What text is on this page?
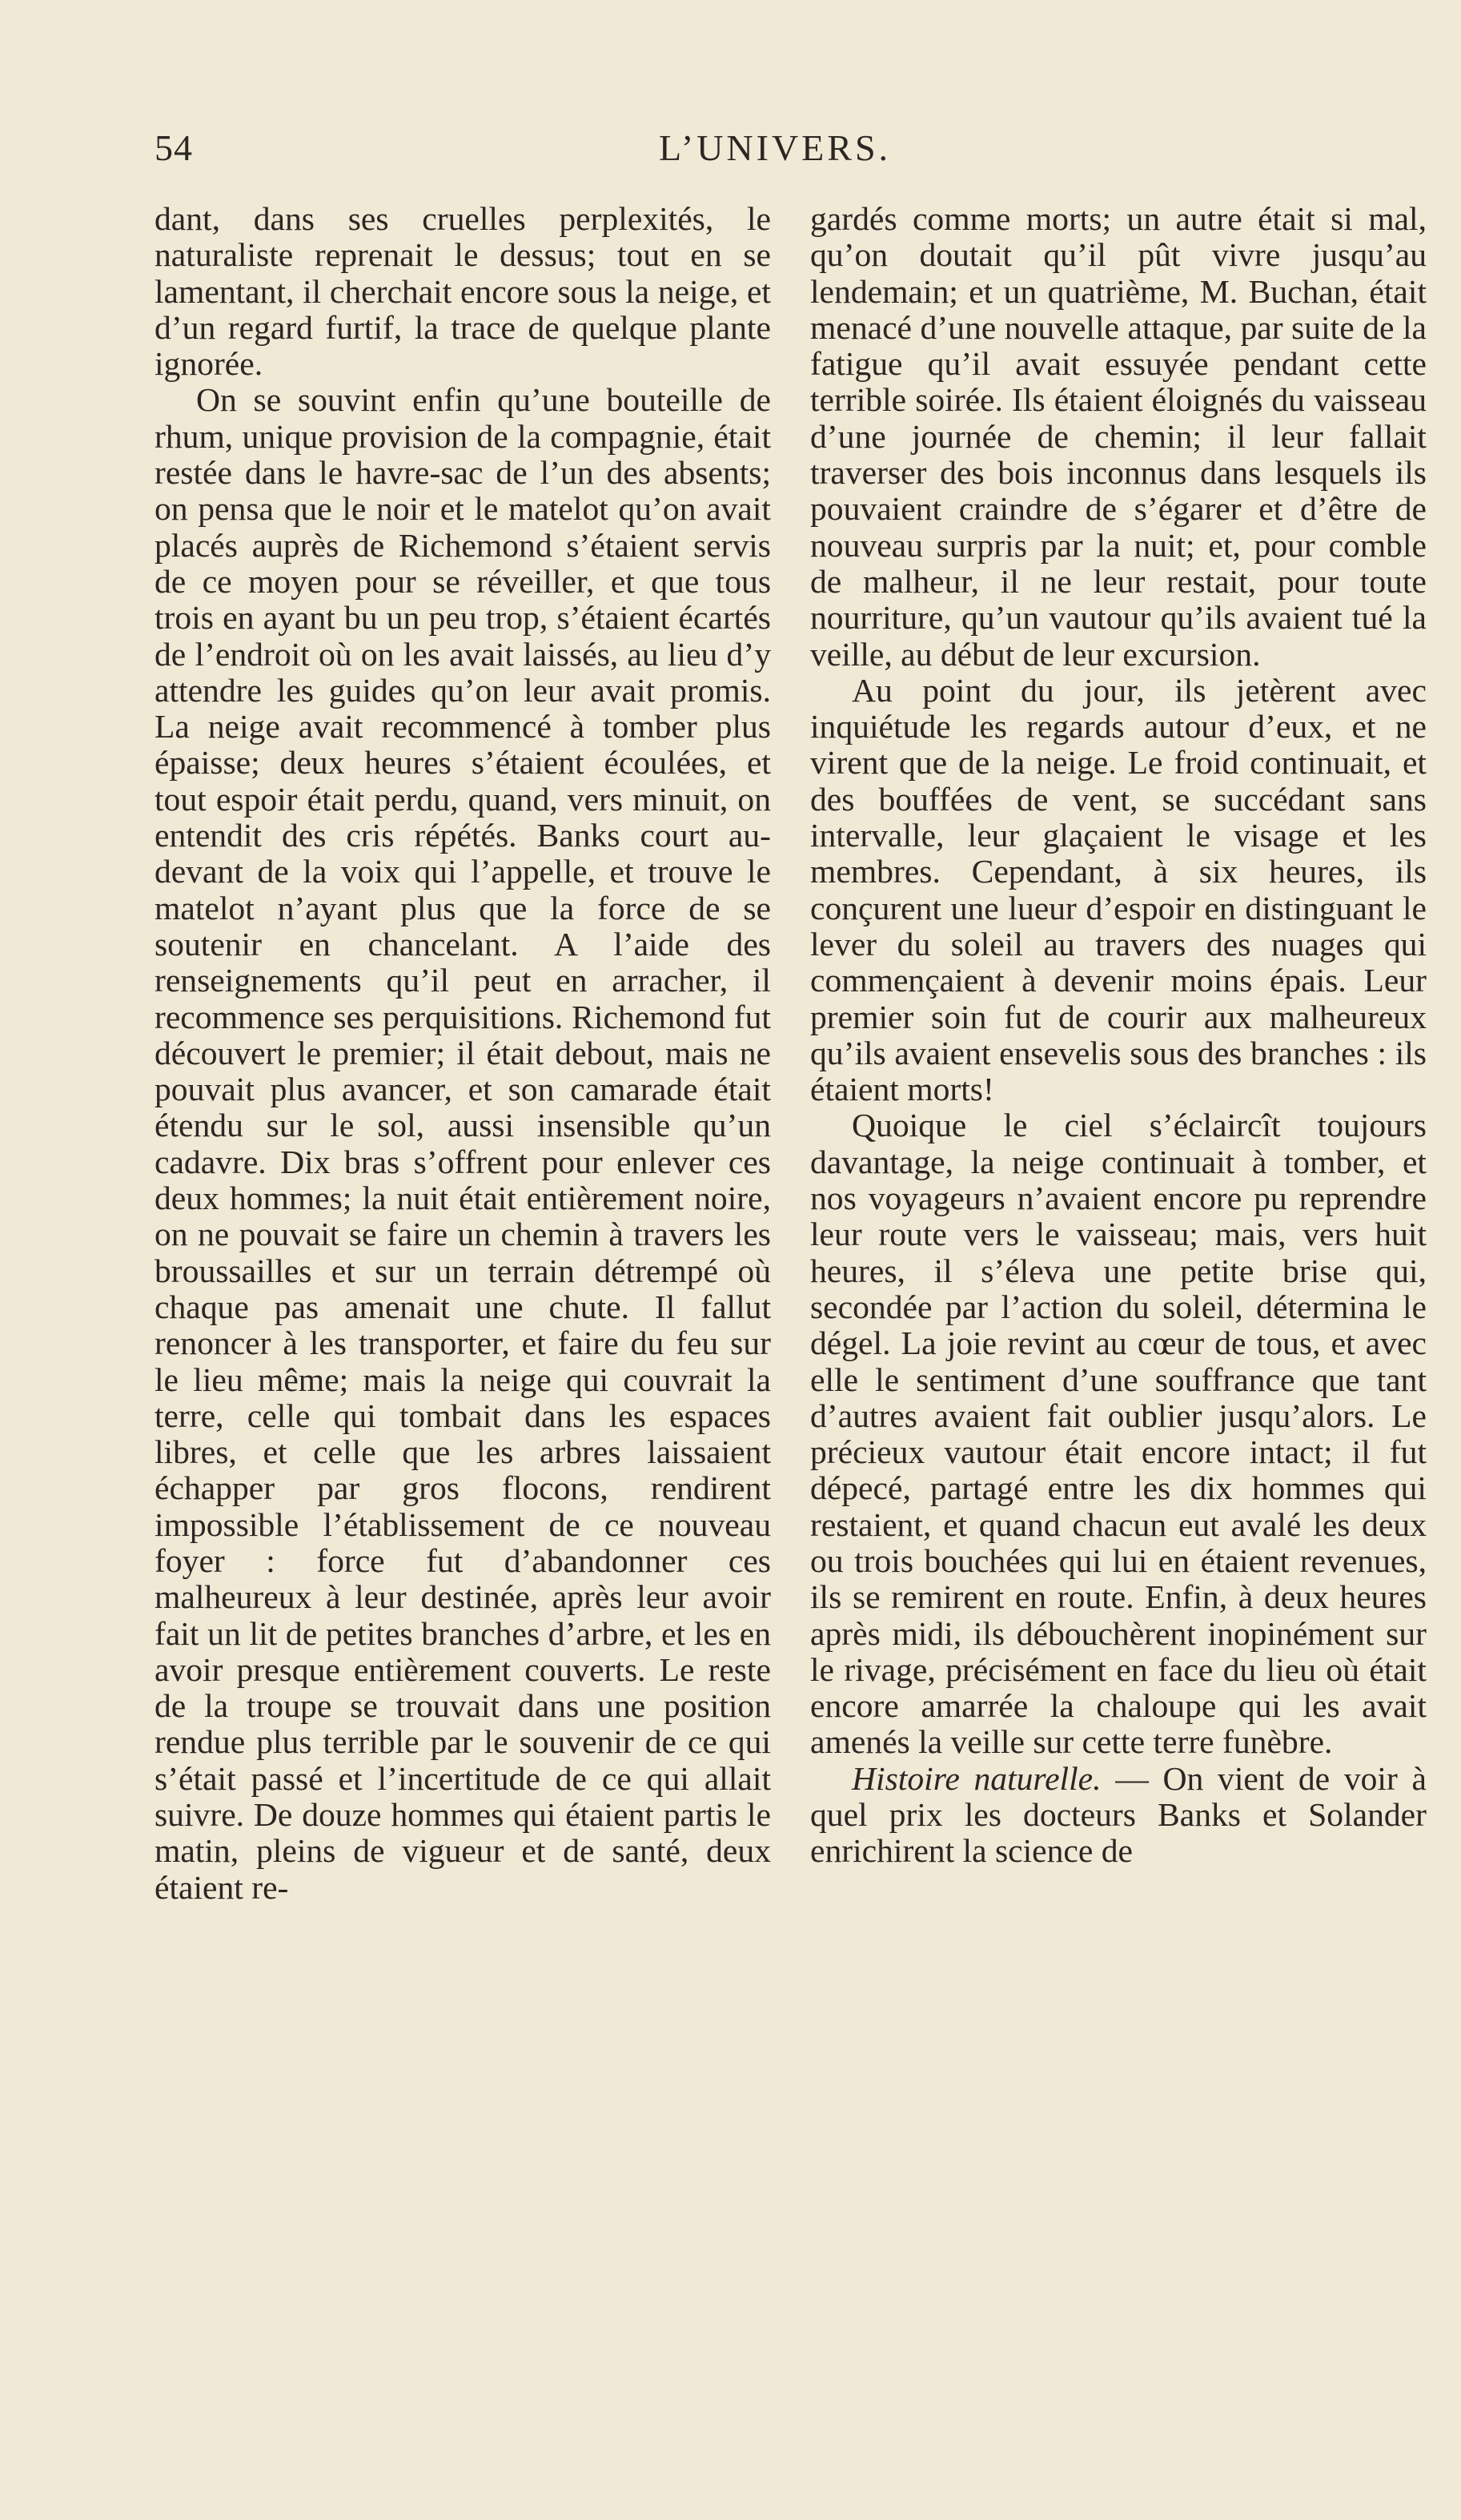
54	L’UNIVERS.

dant, dans ses cruelles perplexités, le naturaliste reprenait le dessus; tout en se lamentant, il cherchait encore sous la neige, et d’un regard furtif, la trace de quelque plante ignorée.

On se souvint enfin qu’une bouteille de rhum, unique provision de la compagnie, était restée dans le havre-sac de l’un des absents; on pensa que le noir et le matelot qu’on avait placés auprès de Richemond s’étaient servis de ce moyen pour se réveiller, et que tous trois en ayant bu un peu trop, s’étaient écartés de l’endroit où on les avait laissés, au lieu d’y attendre les guides qu’on leur avait promis. La neige avait recommencé à tomber plus épaisse; deux heures s’étaient écoulées, et tout espoir était perdu, quand, vers minuit, on entendit des cris répétés. Banks court au-devant de la voix qui l’appelle, et trouve le matelot n’ayant plus que la force de se soutenir en chancelant. A l’aide des renseignements qu’il peut en arracher, il recommence ses perquisitions. Richemond fut découvert le premier; il était debout, mais ne pouvait plus avancer, et son camarade était étendu sur le sol, aussi insensible qu’un cadavre. Dix bras s’offrent pour enlever ces deux hommes; la nuit était entièrement noire, on ne pouvait se faire un chemin à travers les broussailles et sur un terrain détrempé où chaque pas amenait une chute. Il fallut renoncer à les transporter, et faire du feu sur le lieu même; mais la neige qui couvrait la terre, celle qui tombait dans les espaces libres, et celle que les arbres laissaient échapper par gros flocons, rendirent impossible l’établissement de ce nouveau foyer : force fut d’abandonner ces malheureux à leur destinée, après leur avoir fait un lit de petites branches d’arbre, et les en avoir presque entièrement couverts. Le reste de la troupe se trouvait dans une position rendue plus terrible par le souvenir de ce qui s’était passé et l’incertitude de ce qui allait suivre. De douze hommes qui étaient partis le matin, pleins de vigueur et de santé, deux étaient re-

gardés comme morts; un autre était si mal, qu’on doutait qu’il pût vivre jusqu’au lendemain; et un quatrième, M. Buchan, était menacé d’une nouvelle attaque, par suite de la fatigue qu’il avait essuyée pendant cette terrible soirée. Ils étaient éloignés du vaisseau d’une journée de chemin; il leur fallait traverser des bois inconnus dans lesquels ils pouvaient craindre de s’égarer et d’être de nouveau surpris par la nuit; et, pour comble de malheur, il ne leur restait, pour toute nourriture, qu’un vautour qu’ils avaient tué la veille, au début de leur excursion.

Au point du jour, ils jetèrent avec inquiétude les regards autour d’eux, et ne virent que de la neige. Le froid continuait, et des bouffées de vent, se succédant sans intervalle, leur glaçaient le visage et les membres. Cependant, à six heures, ils conçurent une lueur d’espoir en distinguant le lever du soleil au travers des nuages qui commençaient à devenir moins épais. Leur premier soin fut de courir aux malheureux qu’ils avaient ensevelis sous des branches : ils étaient morts!

Quoique le ciel s’éclaircît toujours davantage, la neige continuait à tomber, et nos voyageurs n’avaient encore pu reprendre leur route vers le vaisseau; mais, vers huit heures, il s’éleva une petite brise qui, secondée par l’action du soleil, détermina le dégel. La joie revint au cœur de tous, et avec elle le sentiment d’une souffrance que tant d’autres avaient fait oublier jusqu’alors. Le précieux vautour était encore intact; il fut dépecé, partagé entre les dix hommes qui restaient, et quand chacun eut avalé les deux ou trois bouchées qui lui en étaient revenues, ils se remirent en route. Enfin, à deux heures après midi, ils débouchèrent inopinément sur le rivage, précisément en face du lieu où était encore amarrée la chaloupe qui les avait amenés la veille sur cette terre funèbre.

Histoire naturelle. — On vient de voir à quel prix les docteurs Banks et Solander enrichirent la science de
